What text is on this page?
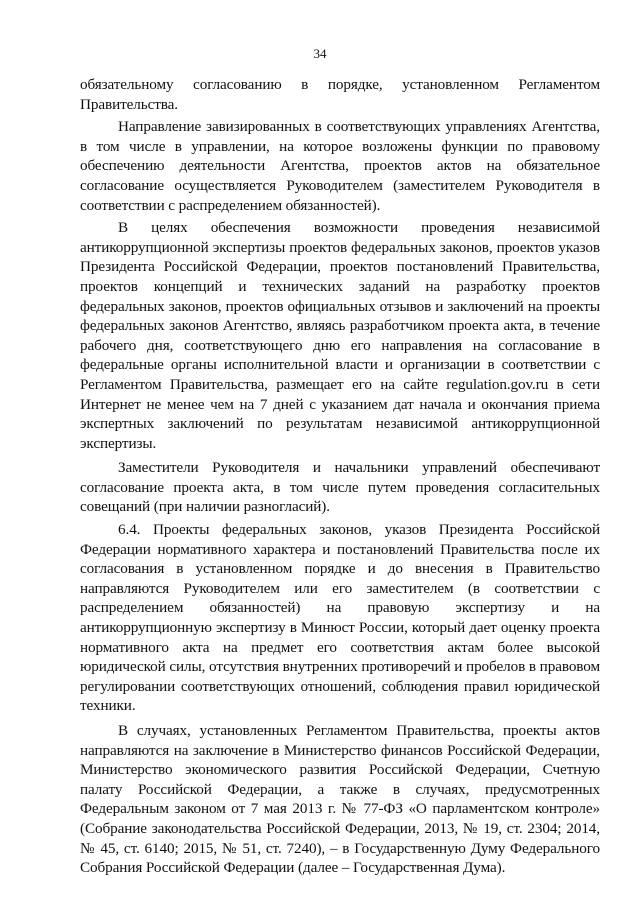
34

обязательному согласованию в порядке, установленном Регламентом Правительства.

Направление завизированных в соответствующих управлениях Агентства, в том числе в управлении, на которое возложены функции по правовому обеспечению деятельности Агентства, проектов актов на обязательное согласование осуществляется Руководителем (заместителем Руководителя в соответствии с распределением обязанностей).

В целях обеспечения возможности проведения независимой антикоррупционной экспертизы проектов федеральных законов, проектов указов Президента Российской Федерации, проектов постановлений Правительства, проектов концепций и технических заданий на разработку проектов федеральных законов, проектов официальных отзывов и заключений на проекты федеральных законов Агентство, являясь разработчиком проекта акта, в течение рабочего дня, соответствующего дню его направления на согласование в федеральные органы исполнительной власти и организации в соответствии с Регламентом Правительства, размещает его на сайте regulation.gov.ru в сети Интернет не менее чем на 7 дней с указанием дат начала и окончания приема экспертных заключений по результатам независимой антикоррупционной экспертизы.

Заместители Руководителя и начальники управлений обеспечивают согласование проекта акта, в том числе путем проведения согласительных совещаний (при наличии разногласий).

6.4. Проекты федеральных законов, указов Президента Российской Федерации нормативного характера и постановлений Правительства после их согласования в установленном порядке и до внесения в Правительство направляются Руководителем или его заместителем (в соответствии с распределением обязанностей) на правовую экспертизу и на антикоррупционную экспертизу в Минюст России, который дает оценку проекта нормативного акта на предмет его соответствия актам более высокой юридической силы, отсутствия внутренних противоречий и пробелов в правовом регулировании соответствующих отношений, соблюдения правил юридической техники.

В случаях, установленных Регламентом Правительства, проекты актов направляются на заключение в Министерство финансов Российской Федерации, Министерство экономического развития Российской Федерации, Счетную палату Российской Федерации, а также в случаях, предусмотренных Федеральным законом от 7 мая 2013 г. № 77-ФЗ «О парламентском контроле» (Собрание законодательства Российской Федерации, 2013, № 19, ст. 2304; 2014, № 45, ст. 6140; 2015, № 51, ст. 7240), – в Государственную Думу Федерального Собрания Российской Федерации (далее – Государственная Дума).
